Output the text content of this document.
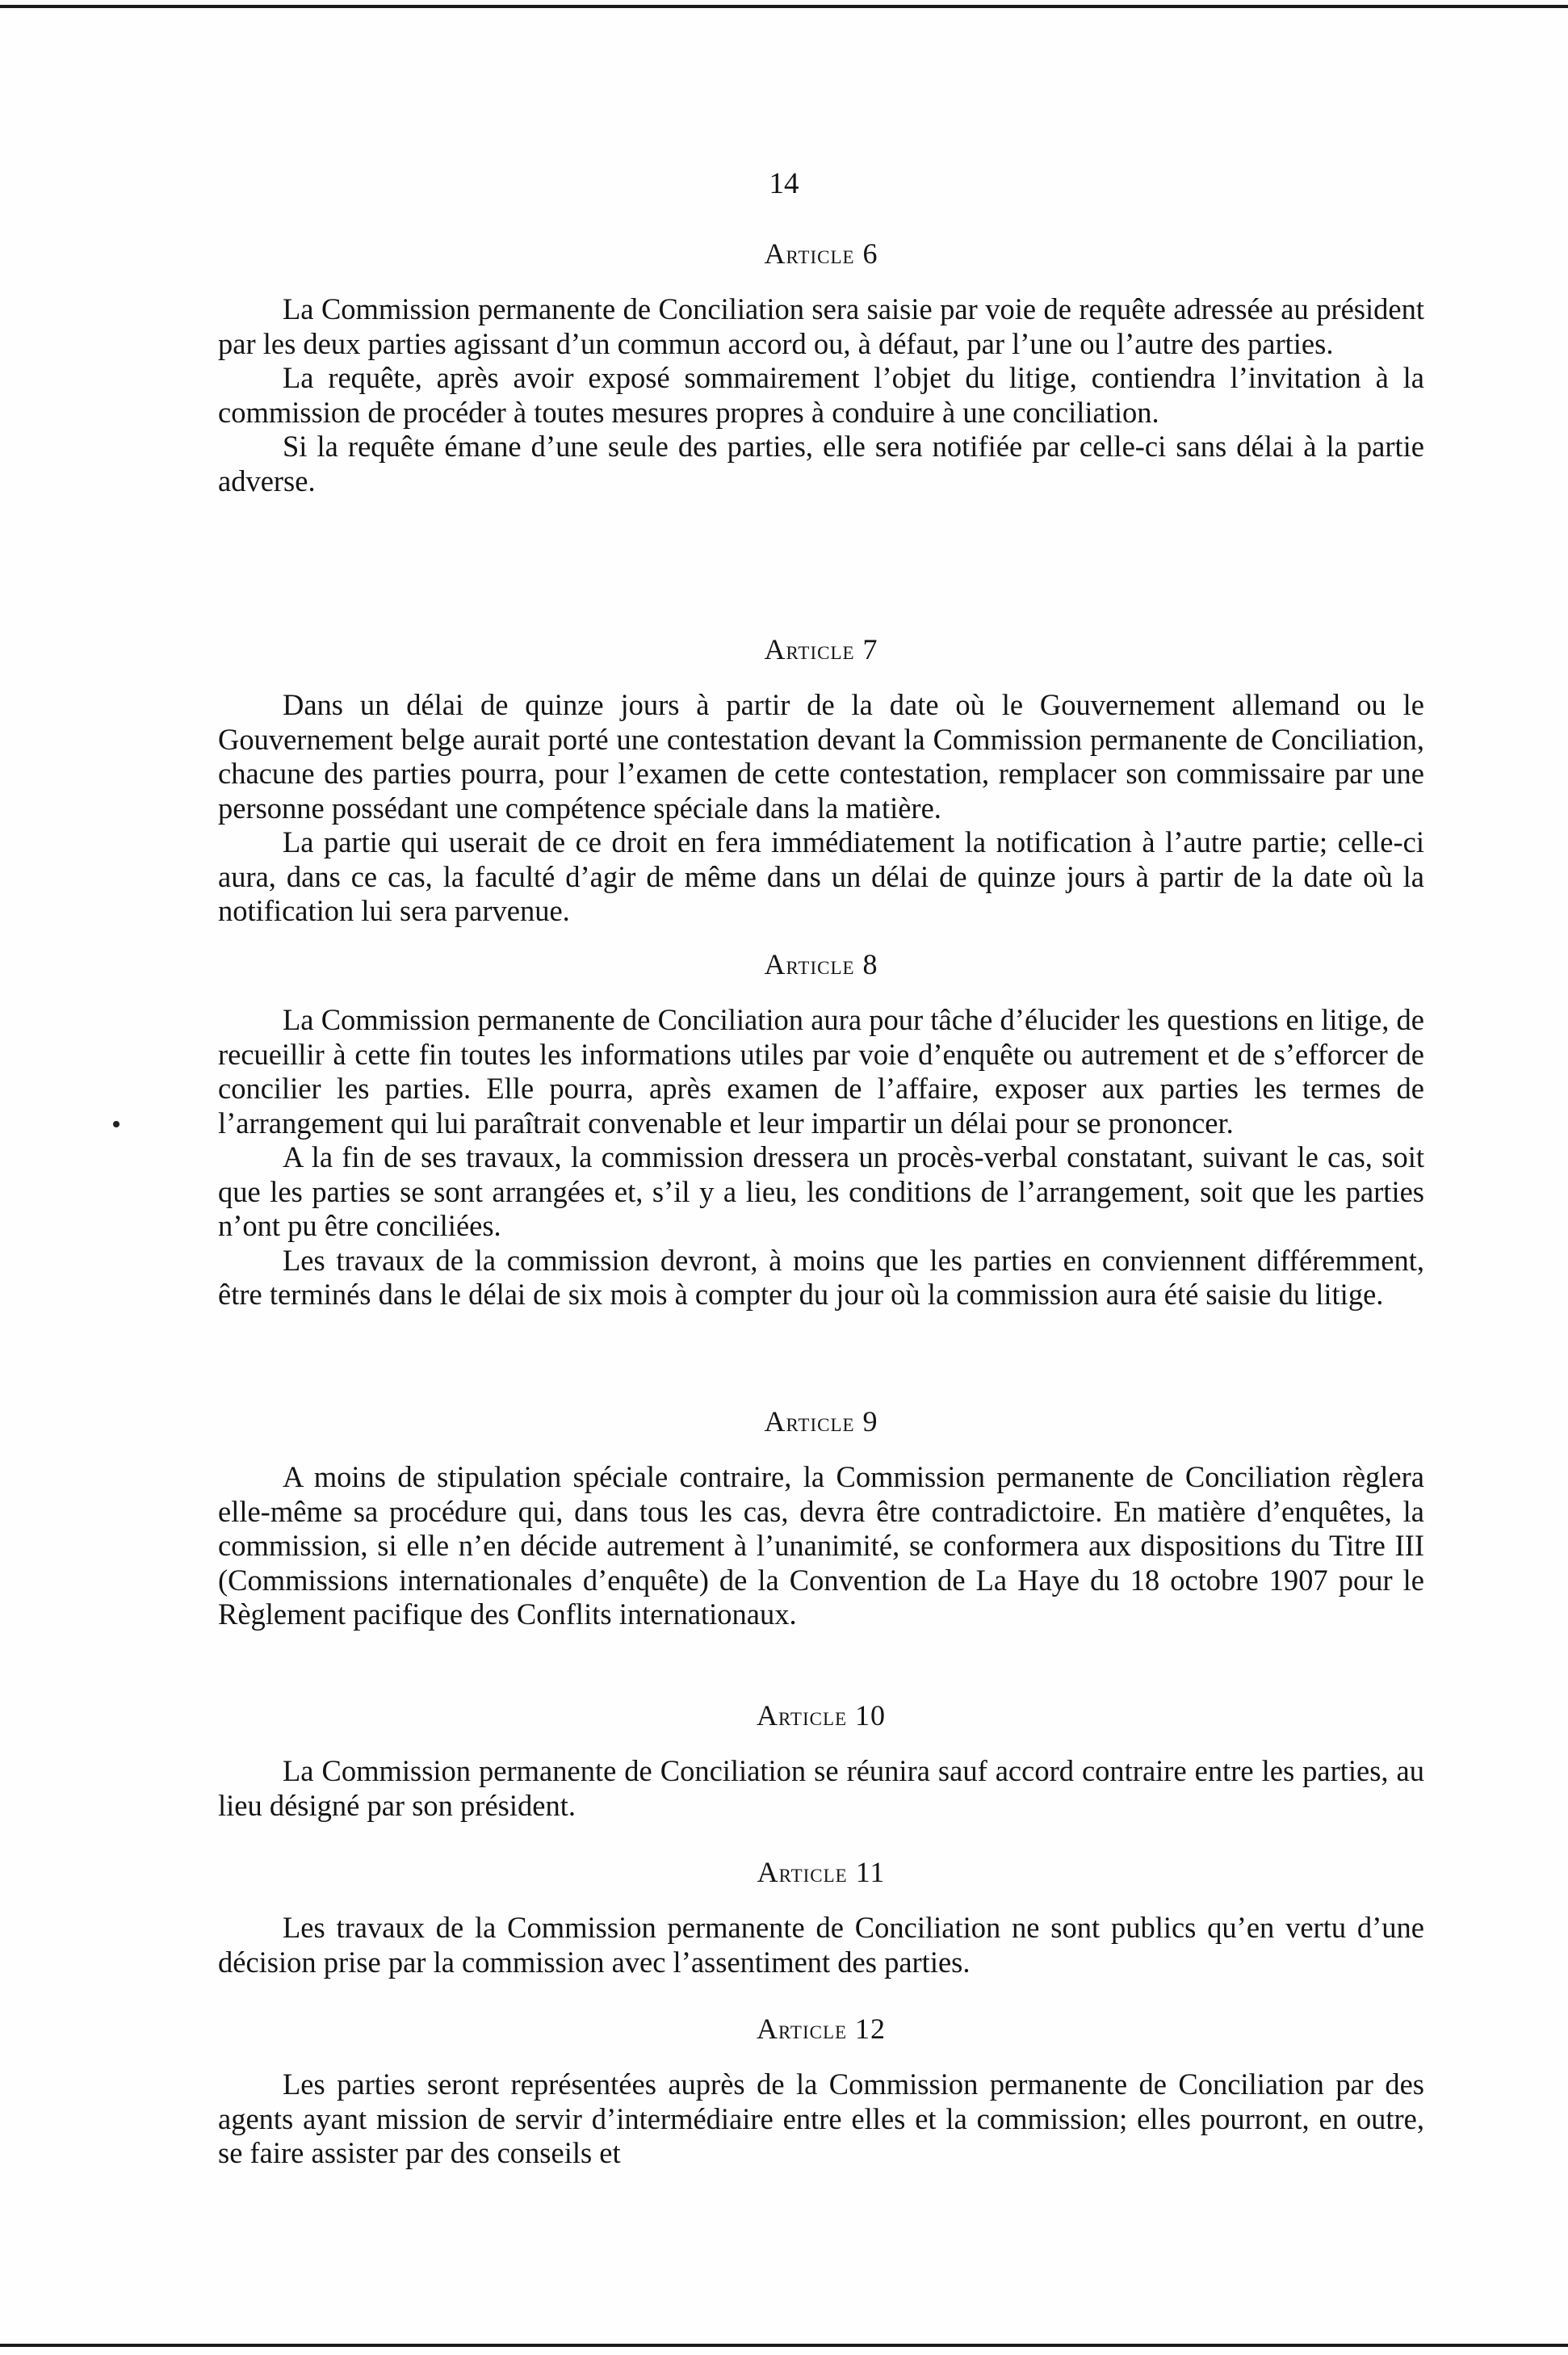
14
Article 6

La Commission permanente de Conciliation sera saisie par voie de requête adressée au président par les deux parties agissant d’un commun accord ou, à défaut, par l’une ou l’autre des parties.

La requête, après avoir exposé sommairement l’objet du litige, contiendra l’invitation à la commission de procéder à toutes mesures propres à conduire à une conciliation.

Si la requête émane d’une seule des parties, elle sera notifiée par celle-ci sans délai à la partie adverse.

Article 7

Dans un délai de quinze jours à partir de la date où le Gouvernement allemand ou le Gouvernement belge aurait porté une contestation devant la Commission permanente de Conciliation, chacune des parties pourra, pour l’examen de cette contestation, remplacer son commissaire par une personne possédant une compétence spéciale dans la matière.

La partie qui userait de ce droit en fera immédiatement la notification à l’autre partie; celle-ci aura, dans ce cas, la faculté d’agir de même dans un délai de quinze jours à partir de la date où la notification lui sera parvenue.

Article 8

La Commission permanente de Conciliation aura pour tâche d’élucider les questions en litige, de recueillir à cette fin toutes les informations utiles par voie d’enquête ou autrement et de s’efforcer de concilier les parties. Elle pourra, après examen de l’affaire, exposer aux parties les termes de l’arrangement qui lui paraîtrait convenable et leur impartir un délai pour se prononcer.

A la fin de ses travaux, la commission dressera un procès-verbal constatant, suivant le cas, soit que les parties se sont arrangées et, s’il y a lieu, les conditions de l’arrangement, soit que les parties n’ont pu être conciliées.

Les travaux de la commission devront, à moins que les parties en conviennent différemment, être terminés dans le délai de six mois à compter du jour où la commission aura été saisie du litige.

Article 9

A moins de stipulation spéciale contraire, la Commission permanente de Conciliation règlera elle-même sa procédure qui, dans tous les cas, devra être contradictoire. En matière d’enquêtes, la commission, si elle n’en décide autrement à l’unanimité, se conformera aux dispositions du Titre III (Commissions internationales d’enquête) de la Convention de La Haye du 18 octobre 1907 pour le Règlement pacifique des Conflits internationaux.

Article 10

La Commission permanente de Conciliation se réunira sauf accord contraire entre les parties, au lieu désigné par son président.

Article 11

Les travaux de la Commission permanente de Conciliation ne sont publics qu’en vertu d’une décision prise par la commission avec l’assentiment des parties.

Article 12

Les parties seront représentées auprès de la Commission permanente de Conciliation par des agents ayant mission de servir d’intermédiaire entre elles et la commission; elles pourront, en outre, se faire assister par des conseils et
